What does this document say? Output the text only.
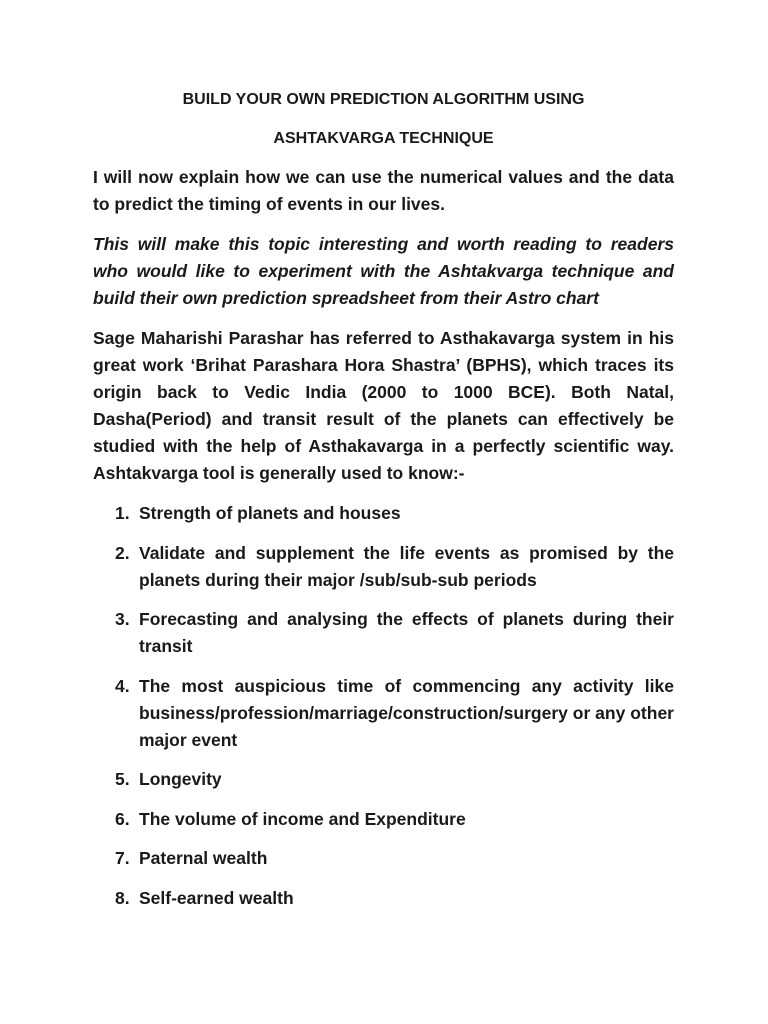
BUILD YOUR OWN PREDICTION ALGORITHM USING
ASHTAKVARGA TECHNIQUE

I will now explain how we can use the numerical values and the data to predict the timing of events in our lives.

This will make this topic interesting and worth reading to readers who would like to experiment with the Ashtakvarga technique and build their own prediction spreadsheet from their Astro chart

Sage Maharishi Parashar has referred to Asthakavarga system in his great work ‘Brihat Parashara Hora Shastra’ (BPHS), which traces its origin back to Vedic India (2000 to 1000 BCE). Both Natal, Dasha(Period) and transit result of the planets can effectively be studied with the help of Asthakavarga in a perfectly scientific way. Ashtakvarga tool is generally used to know:-

1. Strength of planets and houses
2. Validate and supplement the life events as promised by the planets during their major /sub/sub-sub periods
3. Forecasting and analysing the effects of planets during their transit
4. The most auspicious time of commencing any activity like business/profession/marriage/construction/surgery or any other major event
5. Longevity
6. The volume of income and Expenditure
7. Paternal wealth
8. Self-earned wealth
